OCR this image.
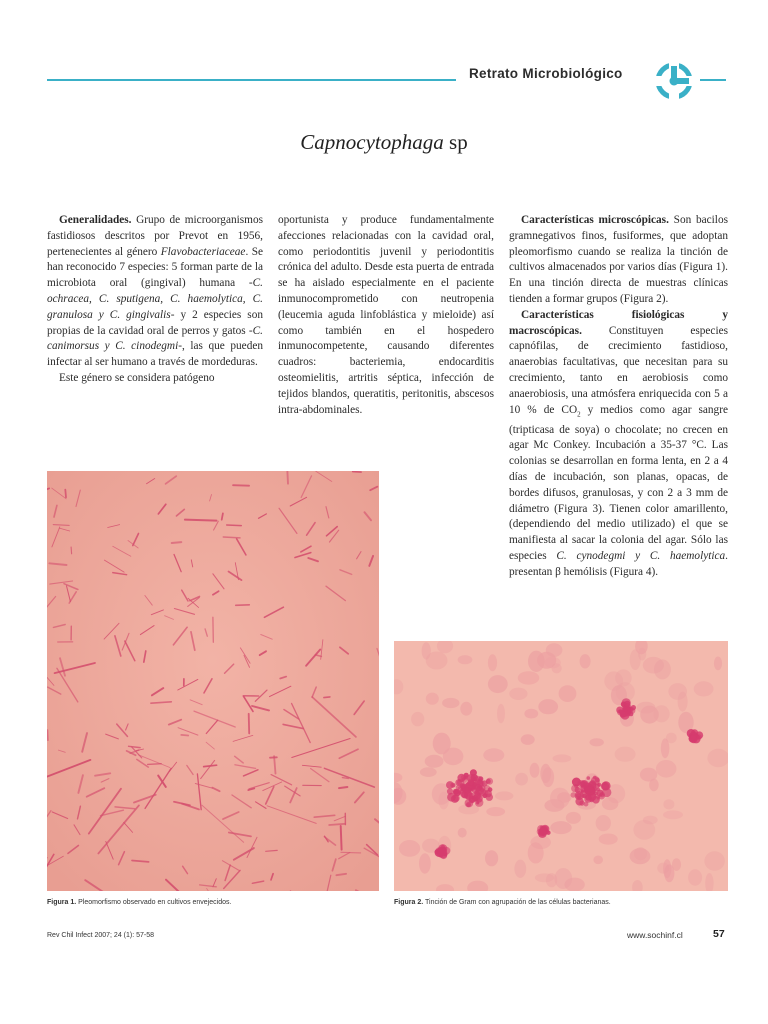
Retrato Microbiológico
Capnocytophaga sp

Generalidades. Grupo de microorganismos fastidiosos descritos por Prevot en 1956, pertenecientes al género Flavobacteriaceae. Se han reconocido 7 especies: 5 forman parte de la microbiota oral (gingival) humana -C. ochracea, C. sputigena, C. haemolytica, C. granulosa y C. gingivalis- y 2 especies son propias de la cavidad oral de perros y gatos -C. canimorsus y C. cinodegmi-, las que pueden infectar al ser humano a través de mordeduras.

Este género se considera patógeno

oportunista y produce fundamentalmente afecciones relacionadas con la cavidad oral, como periodontitis juvenil y periodontitis crónica del adulto. Desde esta puerta de entrada se ha aislado especialmente en el paciente inmunocomprometido con neutropenia (leucemia aguda linfoblástica y mieloide) así como también en el hospedero inmunocompetente, causando diferentes cuadros: bacteriemia, endocarditis osteomielitis, artritis séptica, infección de tejidos blandos, queratitis, peritonitis, abscesos intra-abdominales.

Características microscópicas. Son bacilos gramnegativos finos, fusiformes, que adoptan pleomorfismo cuando se realiza la tinción de cultivos almacenados por varios días (Figura 1). En una tinción directa de muestras clínicas tienden a formar grupos (Figura 2).

Características fisiológicas y macroscópicas. Constituyen especies capnófilas, de crecimiento fastidioso, anaerobias facultativas, que necesitan para su crecimiento, tanto en aerobiosis como anaerobiosis, una atmósfera enriquecida con 5 a 10 % de $CO_2$ y medios como agar sangre (tripticasa de soya) o chocolate; no crecen en agar Mc Conkey. Incubación a 35-37 °C. Las colonias se desarrollan en forma lenta, en 2 a 4 días de incubación, son planas, opacas, de bordes difusos, granulosas, y con 2 a 3 mm de diámetro (Figura 3). Tienen color amarillento, (dependiendo del medio utilizado) el que se manifiesta al sacar la colonia del agar. Sólo las especies C. cynodegmi y C. haemolytica. presentan β hemólisis (Figura 4).

Figura 1. Pleomorfismo observado en cultivos envejecidos.	Figura 2. Tinción de Gram con agrupación de las células bacterianas.
Rev Chil Infect 2007; 24 (1): 57-58	www.sochinf.cl	57
